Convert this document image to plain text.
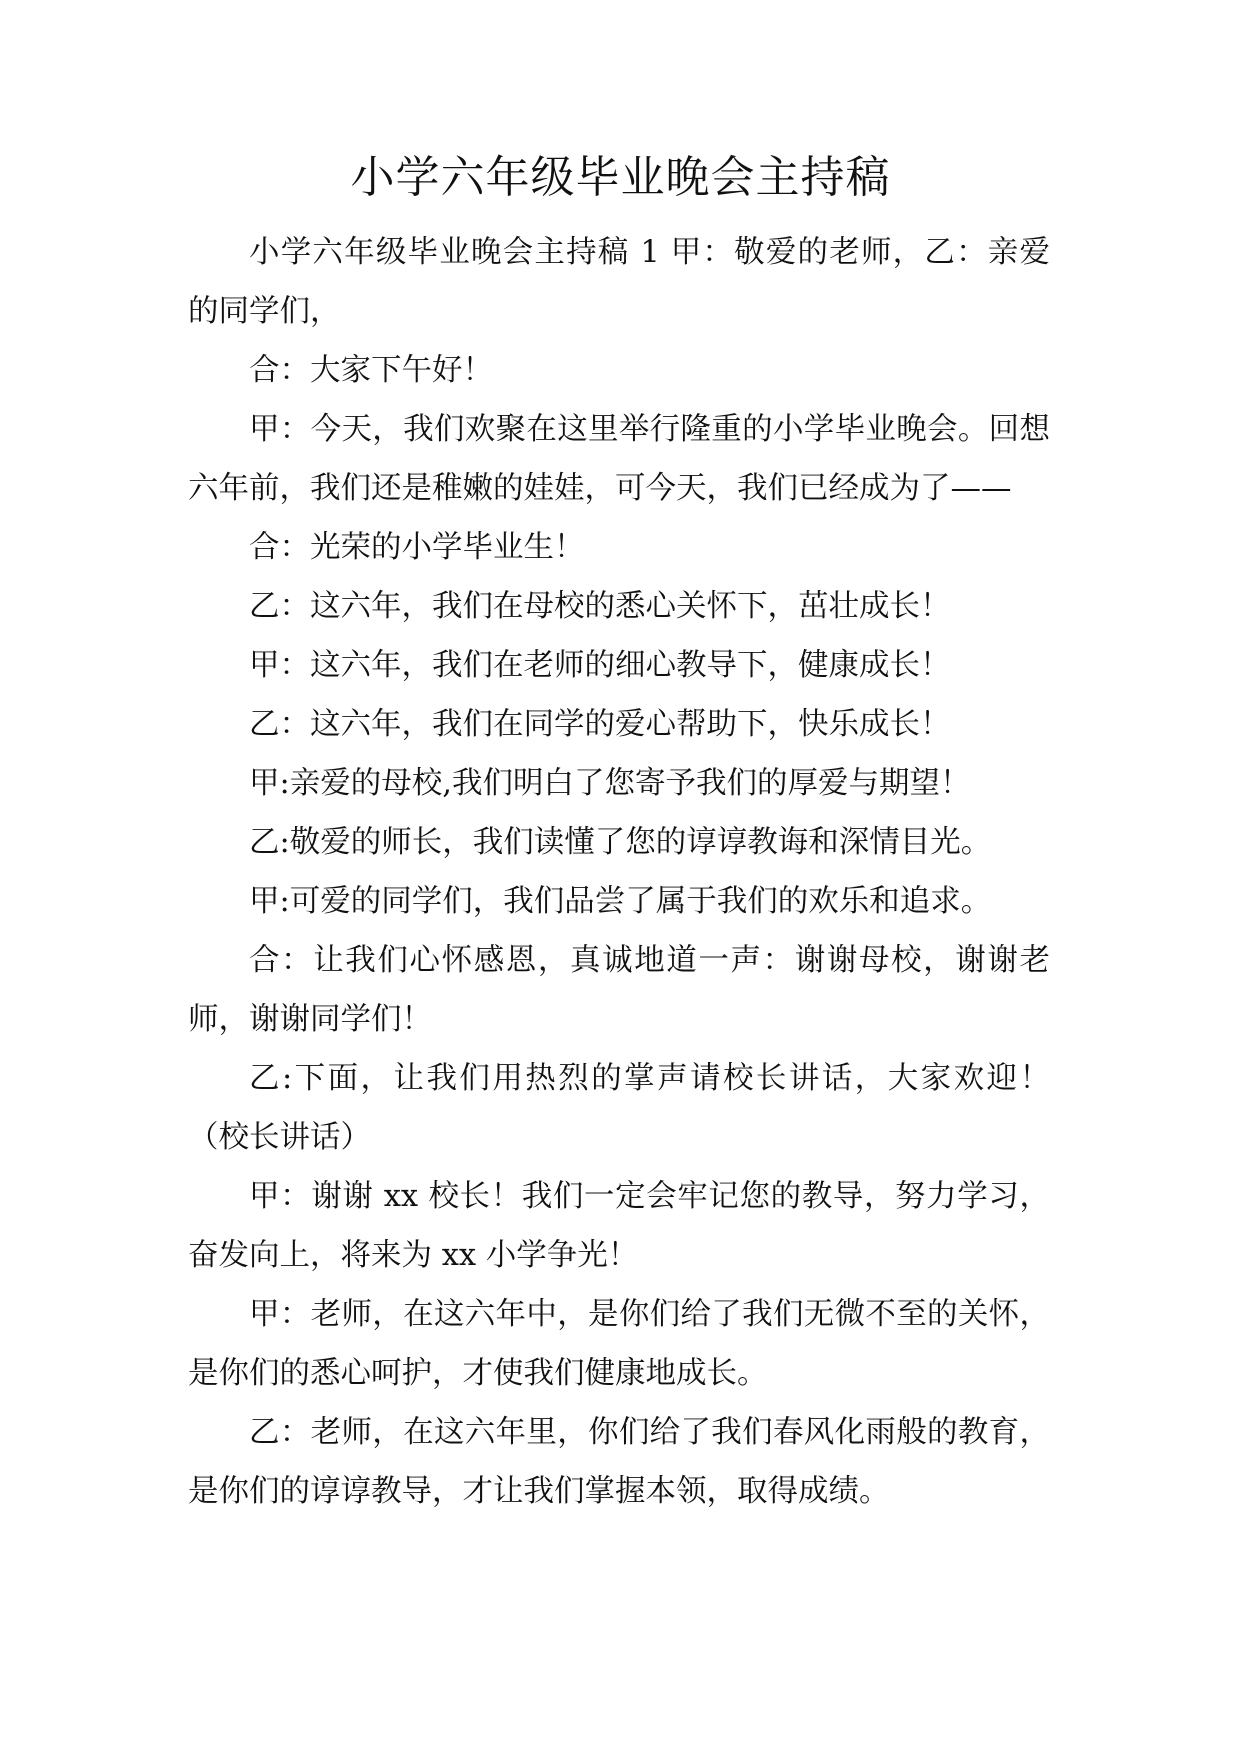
小学六年级毕业晚会主持稿

小学六年级毕业晚会主持稿 1 甲：敬爱的老师，乙：亲爱的同学们，

合：大家下午好！

甲：今天，我们欢聚在这里举行隆重的小学毕业晚会。回想六年前，我们还是稚嫩的娃娃，可今天，我们已经成为了——

合：光荣的小学毕业生！

乙：这六年，我们在母校的悉心关怀下，茁壮成长！

甲：这六年，我们在老师的细心教导下，健康成长！

乙：这六年，我们在同学的爱心帮助下，快乐成长！

甲:亲爱的母校,我们明白了您寄予我们的厚爱与期望！

乙:敬爱的师长，我们读懂了您的谆谆教诲和深情目光。

甲:可爱的同学们，我们品尝了属于我们的欢乐和追求。

合：让我们心怀感恩，真诚地道一声：谢谢母校，谢谢老师，谢谢同学们！

乙:下面，让我们用热烈的掌声请校长讲话，大家欢迎！（校长讲话）

甲：谢谢 xx 校长！我们一定会牢记您的教导，努力学习，奋发向上，将来为 xx 小学争光！

甲：老师，在这六年中，是你们给了我们无微不至的关怀，是你们的悉心呵护，才使我们健康地成长。

乙：老师，在这六年里，你们给了我们春风化雨般的教育，是你们的谆谆教导，才让我们掌握本领，取得成绩。
